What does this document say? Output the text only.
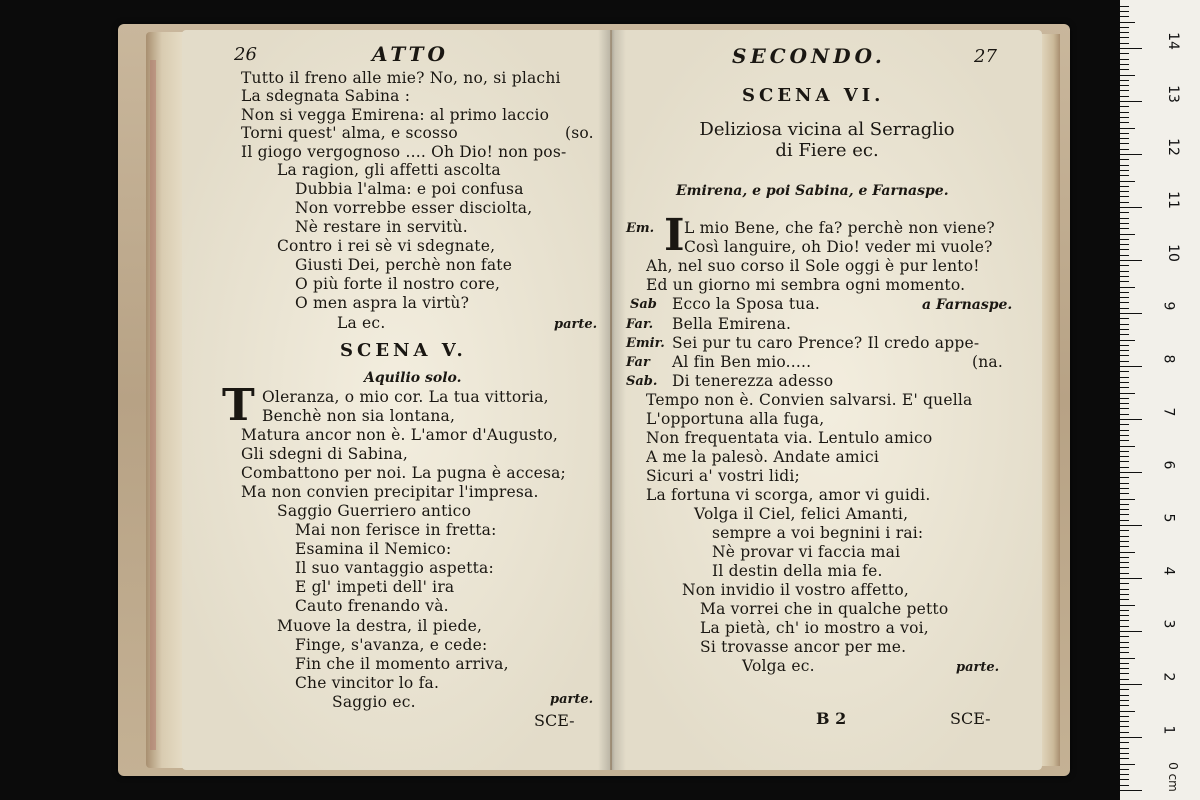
26	ATTO
Tutto il freno alle mie? No, no, si plachi
La sdegnata Sabina :
Non si vegga Emirena: al primo laccio
Torni quest' alma, e scosso	(so.
Il giogo vergognoso .... Oh Dio! non pos-
La ragion, gli affetti ascolta
Dubbia l'alma: e poi confusa
Non vorrebbe esser disciolta,
Nè restare in servitù.
Contro i rei sè vi sdegnate,
Giusti Dei, perchè non fate
O più forte il nostro core,
O men aspra la virtù?
La ec.	parte.
SCENA V.
Aquilio solo.
T Oleranza, o mio cor. La tua vittoria,
Benchè non sia lontana,
Matura ancor non è. L'amor d'Augusto,
Gli sdegni di Sabina,
Combattono per noi. La pugna è accesa;
Ma non convien precipitar l'impresa.
Saggio Guerriero antico
Mai non ferisce in fretta:
Esamina il Nemico:
Il suo vantaggio aspetta:
E gl' impeti dell' ira
Cauto frenando và.
Muove la destra, il piede,
Finge, s'avanza, e cede:
Fin che il momento arriva,
Che vincitor lo fa.
Saggio ec.	parte.
SCE-
SECONDO.	27
SCENA VI.
Deliziosa vicina al Serraglio
di Fiere ec.
Emirena, e poi Sabina, e Farnaspe.
Em. I L mio Bene, che fa? perchè non viene?
Così languire, oh Dio! veder mi vuole?
Ah, nel suo corso il Sole oggi è pur lento!
Ed un giorno mi sembra ogni momento.
Sab Ecco la Sposa tua.	a Farnaspe.
Far. Bella Emirena.
Emir. Sei pur tu caro Prence? Il credo appe-
Far Al fin Ben mio.....	(na.
Sab. Di tenerezza adesso
Tempo non è. Convien salvarsi. E' quella
L'opportuna alla fuga,
Non frequentata via. Lentulo amico
A me la palesò. Andate amici
Sicuri a' vostri lidi;
La fortuna vi scorga, amor vi guidi.
Volga il Ciel, felici Amanti,
sempre a voi begnini i rai:
Nè provar vi faccia mai
Il destin della mia fe.
Non invidio il vostro affetto,
Ma vorrei che in qualche petto
La pietà, ch' io mostro a voi,
Si trovasse ancor per me.
Volga ec.	parte.
B 2	SCE-
14
13
12
11
10
9
8
7
6
5
4
3
2
1
0 cm
